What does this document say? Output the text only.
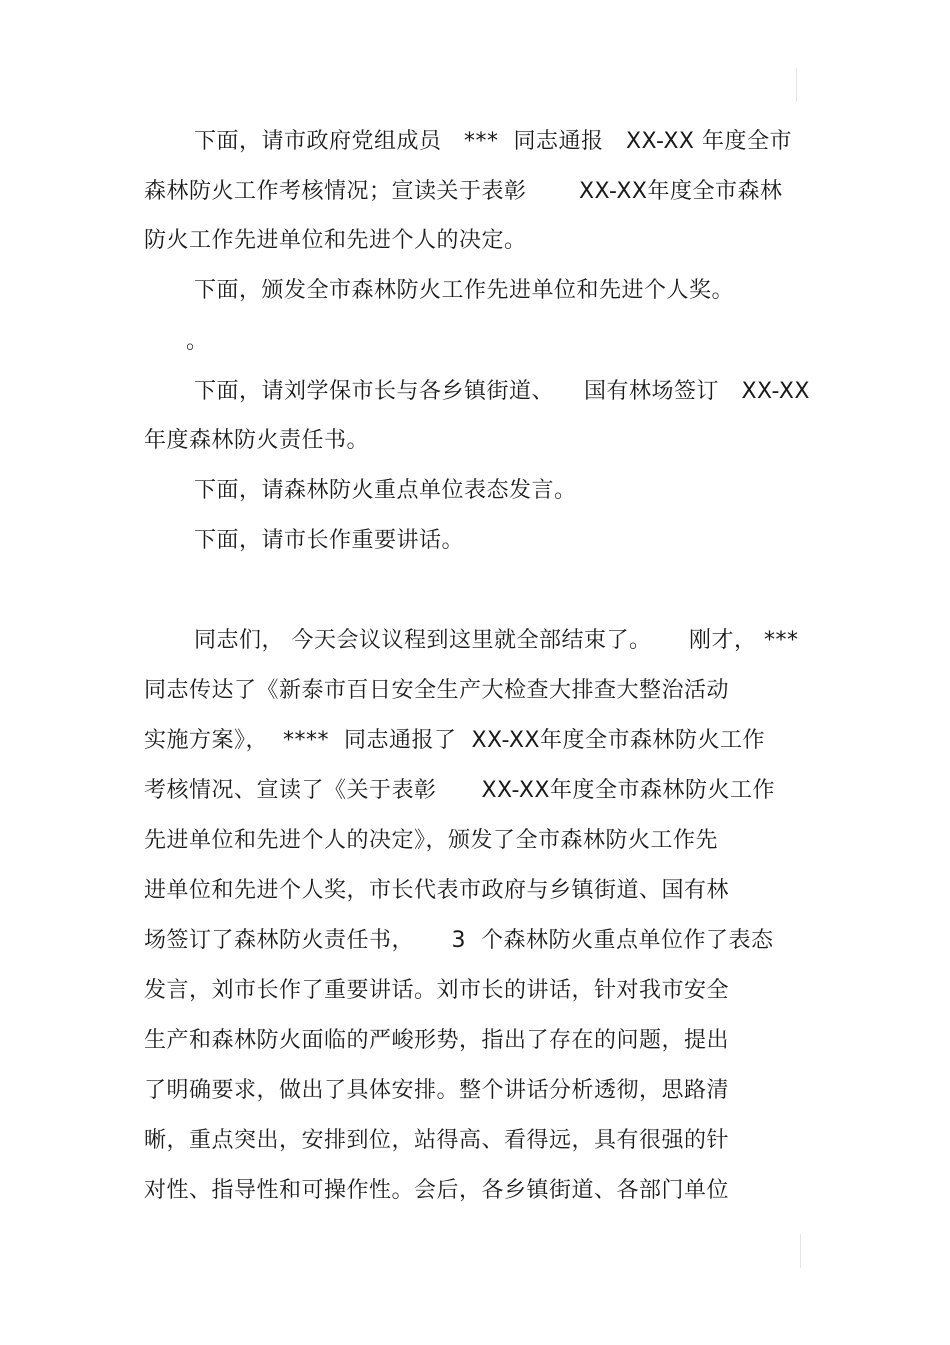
下面，请市政府党组成员   ***  同志通报   XX-XX 年度全市
森林防火工作考核情况；宣读关于表彰       XX-XX年度全市森林
防火工作先进单位和先进个人的决定。
下面，颁发全市森林防火工作先进单位和先进个人奖。
。
下面，请刘学保市长与各乡镇街道、    国有林场签订   XX-XX
年度森林防火责任书。
下面，请森林防火重点单位表态发言。
下面，请市长作重要讲话。
同志们， 今天会议议程到这里就全部结束了。     刚才， ***
同志传达了《新泰市百日安全生产大检查大排查大整治活动
实施方案》，  ****  同志通报了  XX-XX年度全市森林防火工作
考核情况、宣读了《关于表彰      XX-XX年度全市森林防火工作
先进单位和先进个人的决定》，颁发了全市森林防火工作先
进单位和先进个人奖，市长代表市政府与乡镇街道、国有林
场签订了森林防火责任书，     3  个森林防火重点单位作了表态
发言，刘市长作了重要讲话。刘市长的讲话，针对我市安全
生产和森林防火面临的严峻形势，指出了存在的问题，提出
了明确要求，做出了具体安排。整个讲话分析透彻，思路清
晰，重点突出，安排到位，站得高、看得远，具有很强的针
对性、指导性和可操作性。会后，各乡镇街道、各部门单位
